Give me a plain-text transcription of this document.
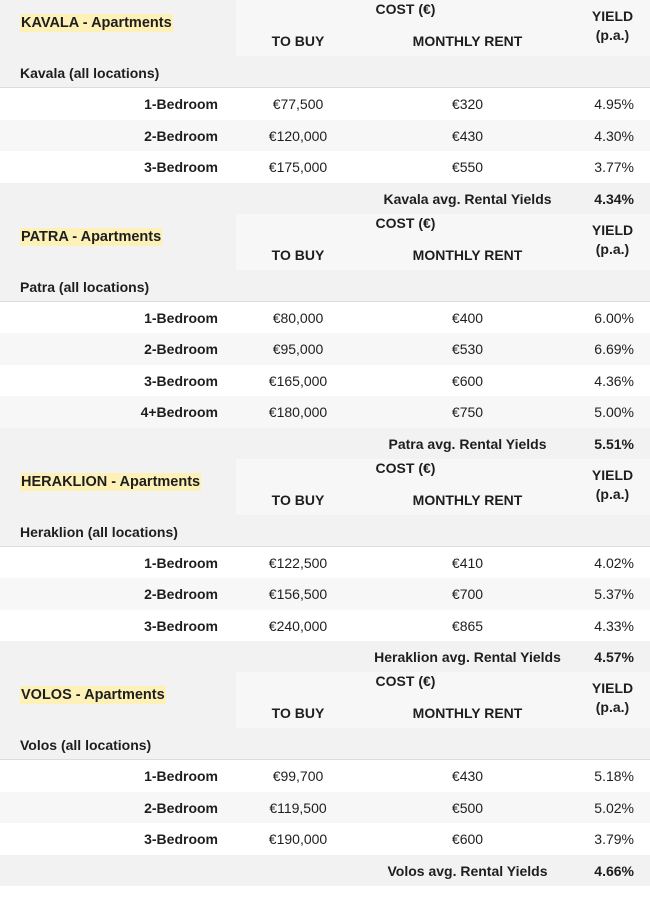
KAVALA - Apartments
COST (€)
TO BUY	MONTHLY RENT
YIELD
(p.a.)
Kavala (all locations)
1-Bedroom	€77,500	€320	4.95%
2-Bedroom	€120,000	€430	4.30%
3-Bedroom	€175,000	€550	3.77%
Kavala avg. Rental Yields	4.34%
PATRA - Apartments
COST (€)
TO BUY	MONTHLY RENT
YIELD
(p.a.)
Patra (all locations)
1-Bedroom	€80,000	€400	6.00%
2-Bedroom	€95,000	€530	6.69%
3-Bedroom	€165,000	€600	4.36%
4+Bedroom	€180,000	€750	5.00%
Patra avg. Rental Yields	5.51%
HERAKLION - Apartments
COST (€)
TO BUY	MONTHLY RENT
YIELD
(p.a.)
Heraklion (all locations)
1-Bedroom	€122,500	€410	4.02%
2-Bedroom	€156,500	€700	5.37%
3-Bedroom	€240,000	€865	4.33%
Heraklion avg. Rental Yields	4.57%
VOLOS - Apartments
COST (€)
TO BUY	MONTHLY RENT
YIELD
(p.a.)
Volos (all locations)
1-Bedroom	€99,700	€430	5.18%
2-Bedroom	€119,500	€500	5.02%
3-Bedroom	€190,000	€600	3.79%
Volos avg. Rental Yields	4.66%
